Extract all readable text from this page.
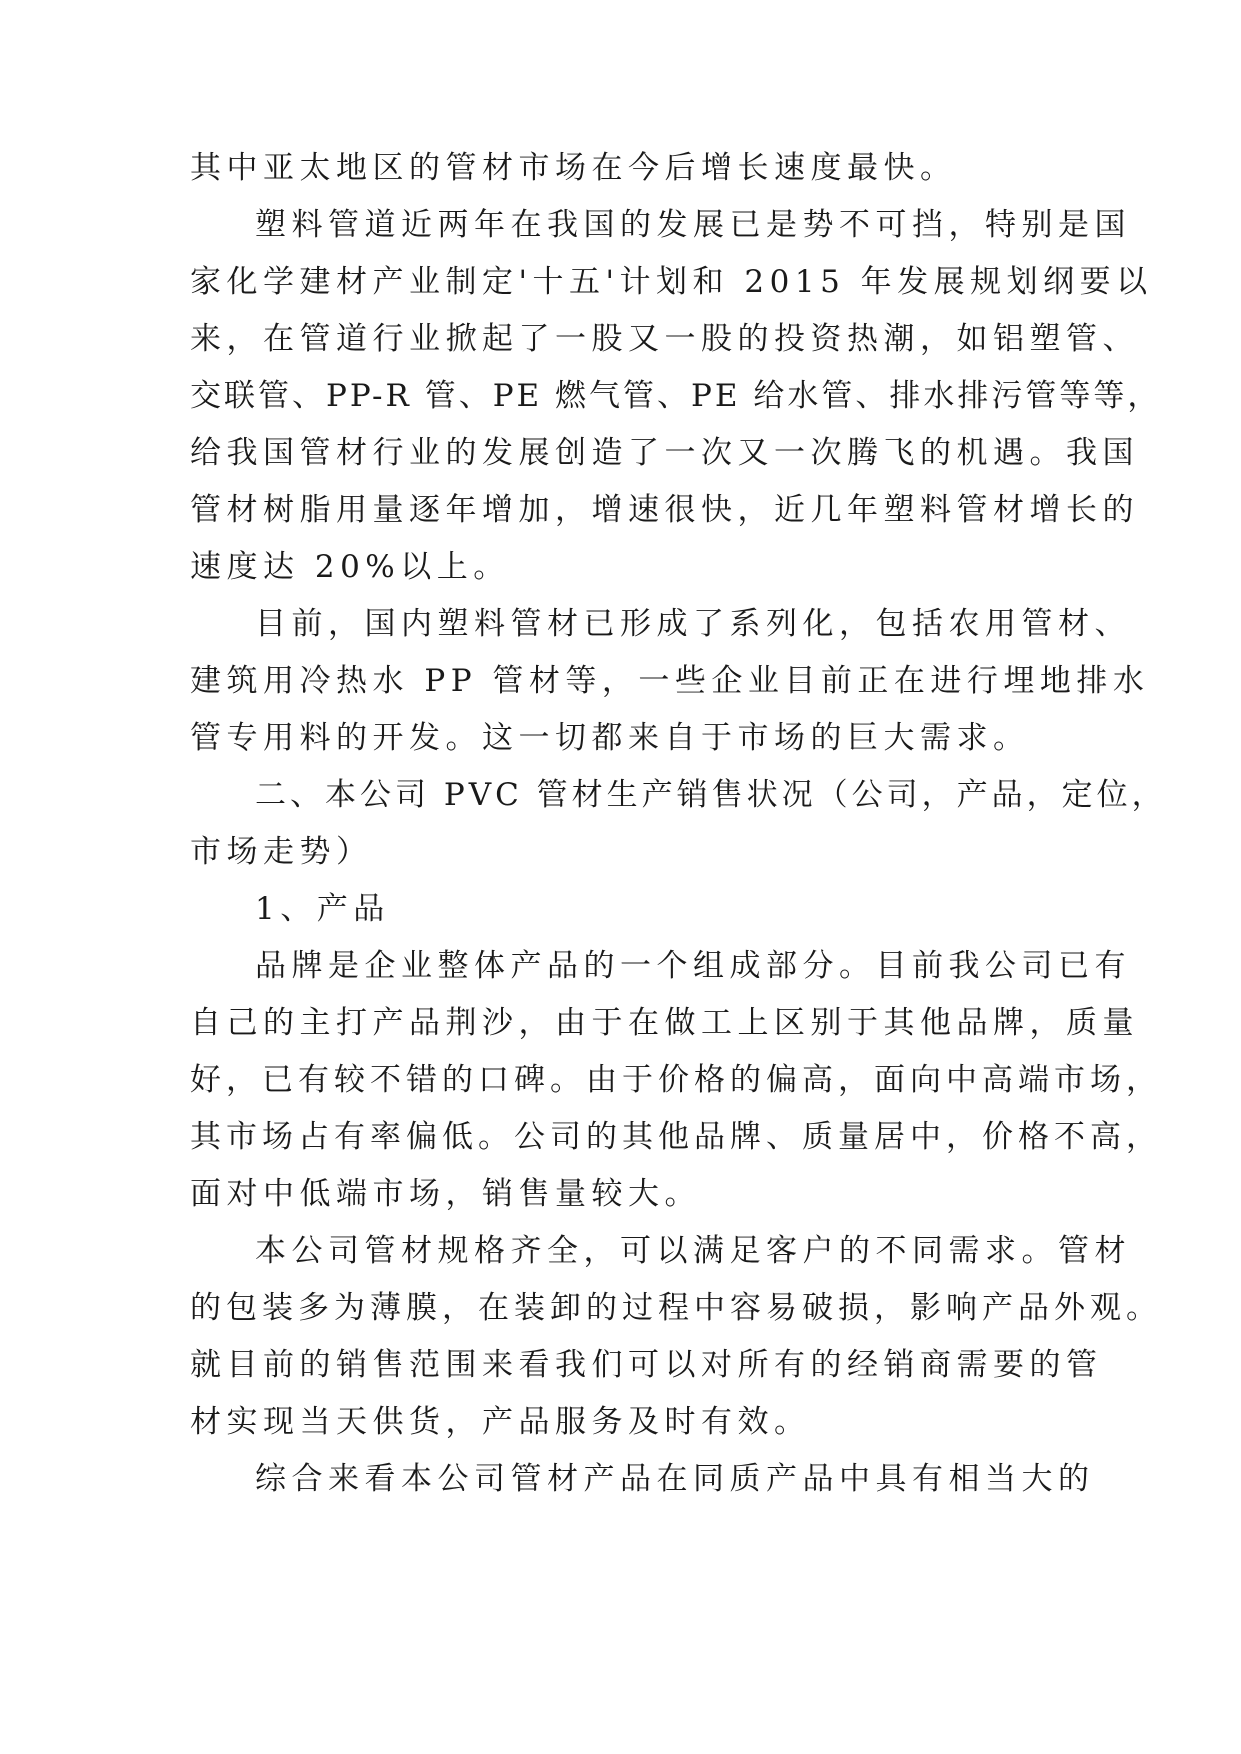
其中亚太地区的管材市场在今后增长速度最快。
塑料管道近两年在我国的发展已是势不可挡，特别是国
家化学建材产业制定'十五'计划和 2015 年发展规划纲要以
来，在管道行业掀起了一股又一股的投资热潮，如铝塑管、
交联管、PP-R 管、PE 燃气管、PE 给水管、排水排污管等等，
给我国管材行业的发展创造了一次又一次腾飞的机遇。我国
管材树脂用量逐年增加，增速很快，近几年塑料管材增长的
速度达 20%以上。
目前，国内塑料管材已形成了系列化，包括农用管材、
建筑用冷热水 PP 管材等，一些企业目前正在进行埋地排水
管专用料的开发。这一切都来自于市场的巨大需求。
二、本公司 PVC 管材生产销售状况（公司，产品，定位，
市场走势）
1、产品
品牌是企业整体产品的一个组成部分。目前我公司已有
自己的主打产品荆沙，由于在做工上区别于其他品牌，质量
好，已有较不错的口碑。由于价格的偏高，面向中高端市场，
其市场占有率偏低。公司的其他品牌、质量居中，价格不高，
面对中低端市场，销售量较大。
本公司管材规格齐全，可以满足客户的不同需求。管材
的包装多为薄膜，在装卸的过程中容易破损，影响产品外观。
就目前的销售范围来看我们可以对所有的经销商需要的管
材实现当天供货，产品服务及时有效。
综合来看本公司管材产品在同质产品中具有相当大的
